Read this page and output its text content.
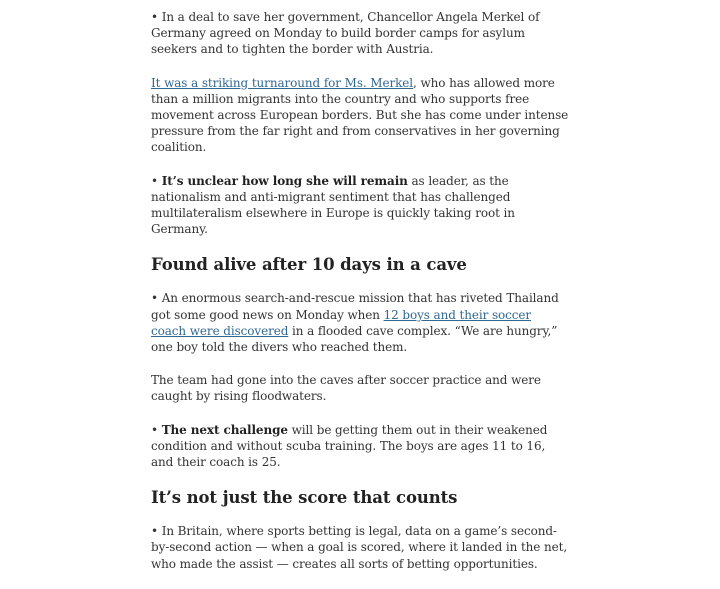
• In a deal to save her government, Chancellor Angela Merkel of Germany agreed on Monday to build border camps for asylum seekers and to tighten the border with Austria.

It was a striking turnaround for Ms. Merkel, who has allowed more than a million migrants into the country and who supports free movement across European borders. But she has come under intense pressure from the far right and from conservatives in her governing coalition.

• It’s unclear how long she will remain as leader, as the nationalism and anti-migrant sentiment that has challenged multilateralism elsewhere in Europe is quickly taking root in Germany.

Found alive after 10 days in a cave

• An enormous search-and-rescue mission that has riveted Thailand got some good news on Monday when 12 boys and their soccer coach were discovered in a flooded cave complex. “We are hungry,” one boy told the divers who reached them.

The team had gone into the caves after soccer practice and were caught by rising floodwaters.

• The next challenge will be getting them out in their weakened condition and without scuba training. The boys are ages 11 to 16, and their coach is 25.

It’s not just the score that counts

• In Britain, where sports betting is legal, data on a game’s second-by-second action — when a goal is scored, where it landed in the net, who made the assist — creates all sorts of betting opportunities.
